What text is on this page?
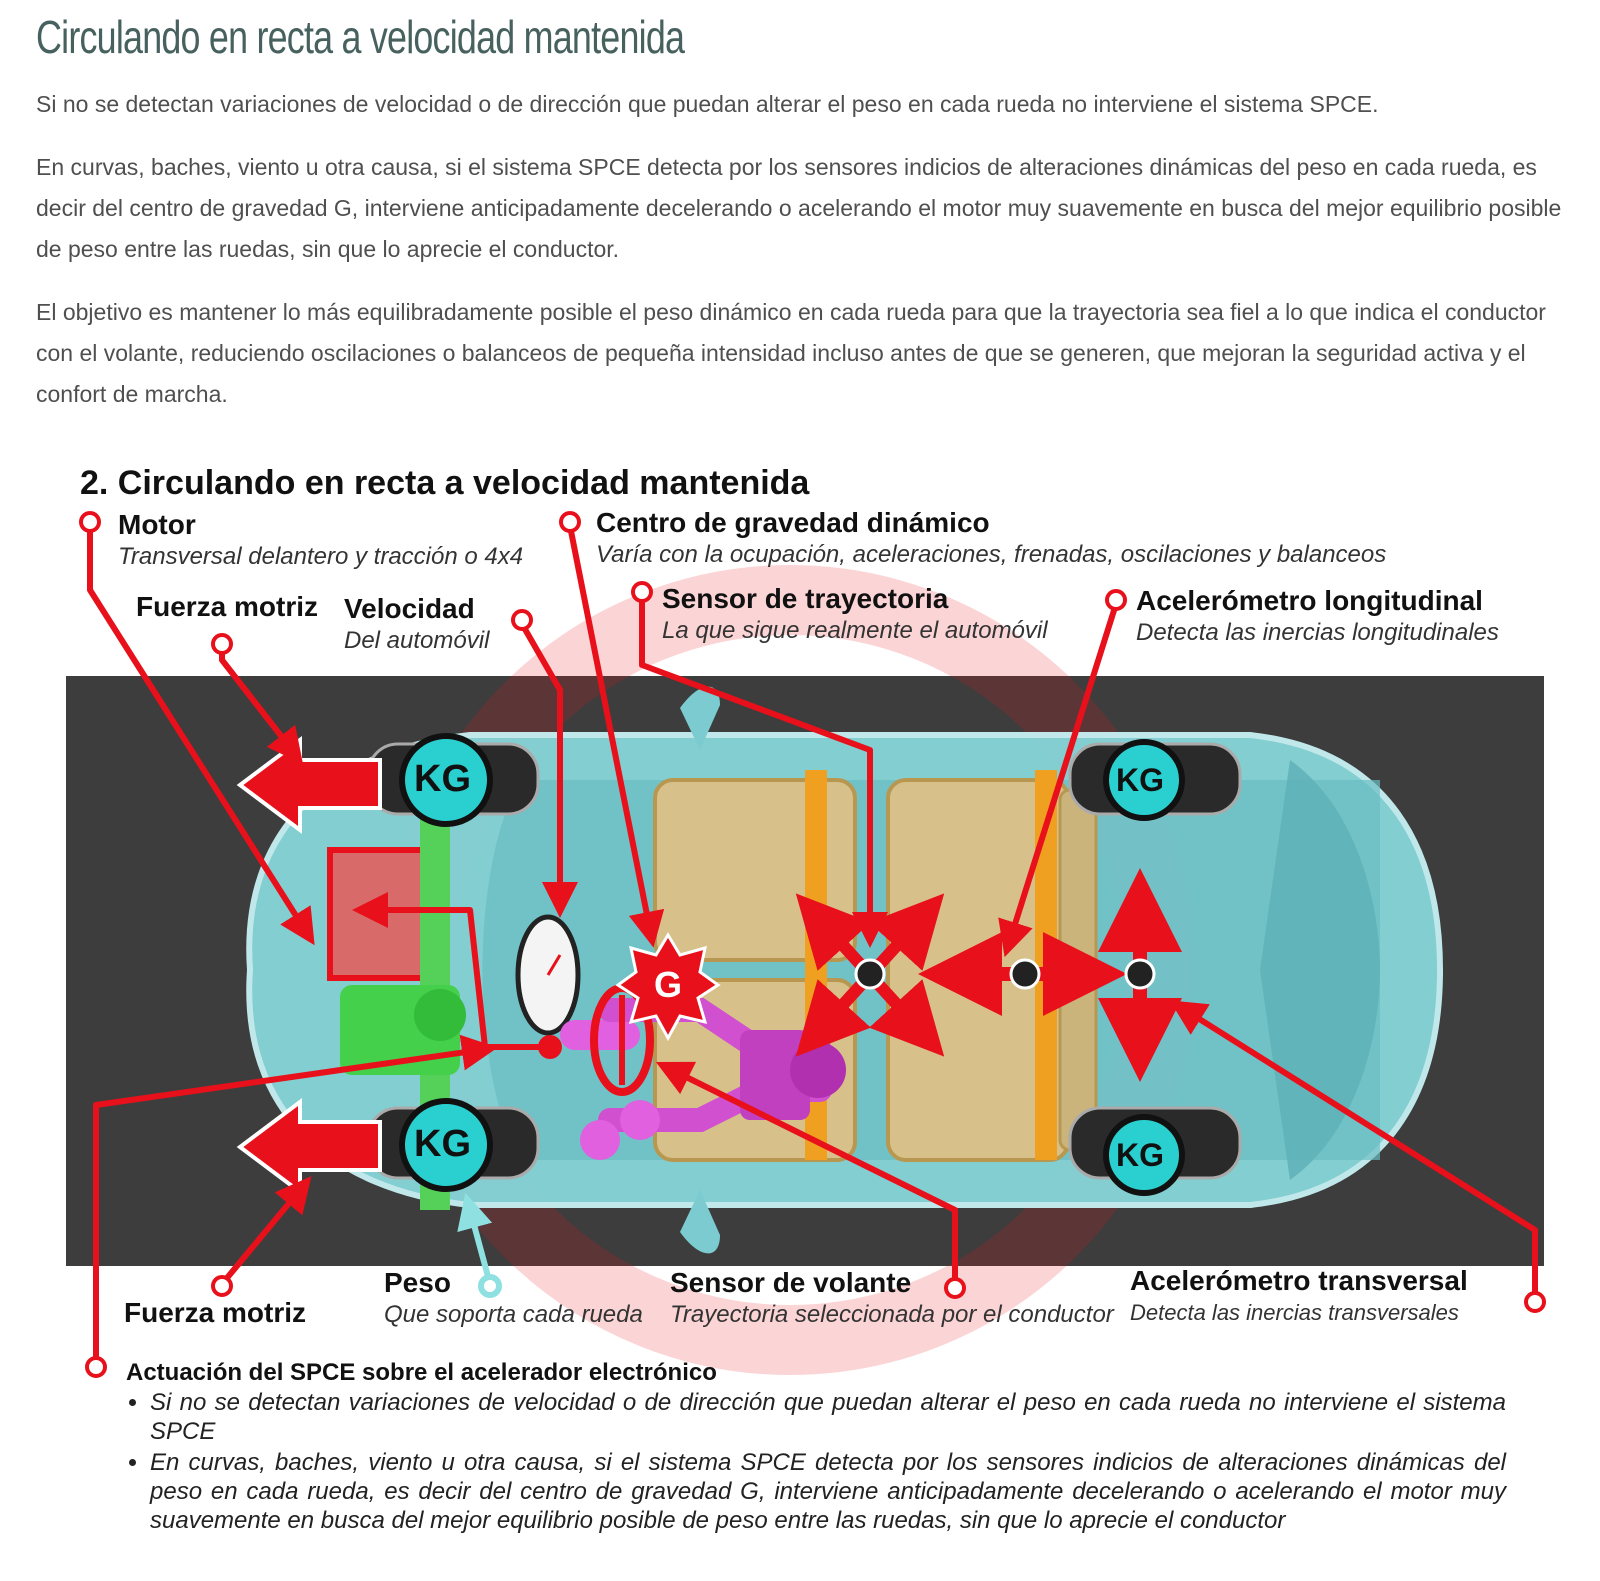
Circulando en recta a velocidad mantenida

Si no se detectan variaciones de velocidad o de dirección que puedan alterar el peso en cada rueda no interviene el sistema SPCE.

En curvas, baches, viento u otra causa, si el sistema SPCE detecta por los sensores indicios de alteraciones dinámicas del peso en cada rueda, es decir del centro de gravedad G, interviene anticipadamente decelerando o acelerando el motor muy suavemente en busca del mejor equilibrio posible de peso entre las ruedas, sin que lo aprecie el conductor.

El objetivo es mantener lo más equilibradamente posible el peso dinámico en cada rueda para que la trayectoria sea fiel a lo que indica el conductor con el volante, reduciendo oscilaciones o balanceos de pequeña intensidad incluso antes de que se generen, que mejoran la seguridad activa y el confort de marcha.

KG
KG
KG
KG
G
2. Circulando en recta a velocidad mantenida
Motor
Transversal delantero y tracción o 4x4
Centro de gravedad dinámico
Varía con la ocupación, aceleraciones, frenadas, oscilaciones y balanceos
Fuerza motriz Velocidad
Del automóvil
Sensor de trayectoria
La que sigue realmente el automóvil
Acelerómetro longitudinal
Detecta las inercias longitudinales
Fuerza motriz
Peso
Que soporta cada rueda
Sensor de volante
Trayectoria seleccionada por el conductor
Acelerómetro transversal
Detecta las inercias transversales
Actuación del SPCE sobre el acelerador electrónico
• Si no se detectan variaciones de velocidad o de dirección que puedan alterar el peso en cada rueda no interviene el sistema SPCE
• En curvas, baches, viento u otra causa, si el sistema SPCE detecta por los sensores indicios de alteraciones dinámicas del peso en cada rueda, es decir del centro de gravedad G, interviene anticipadamente decelerando o acelerando el motor muy suavemente en busca del mejor equilibrio posible de peso entre las ruedas, sin que lo aprecie el conductor
